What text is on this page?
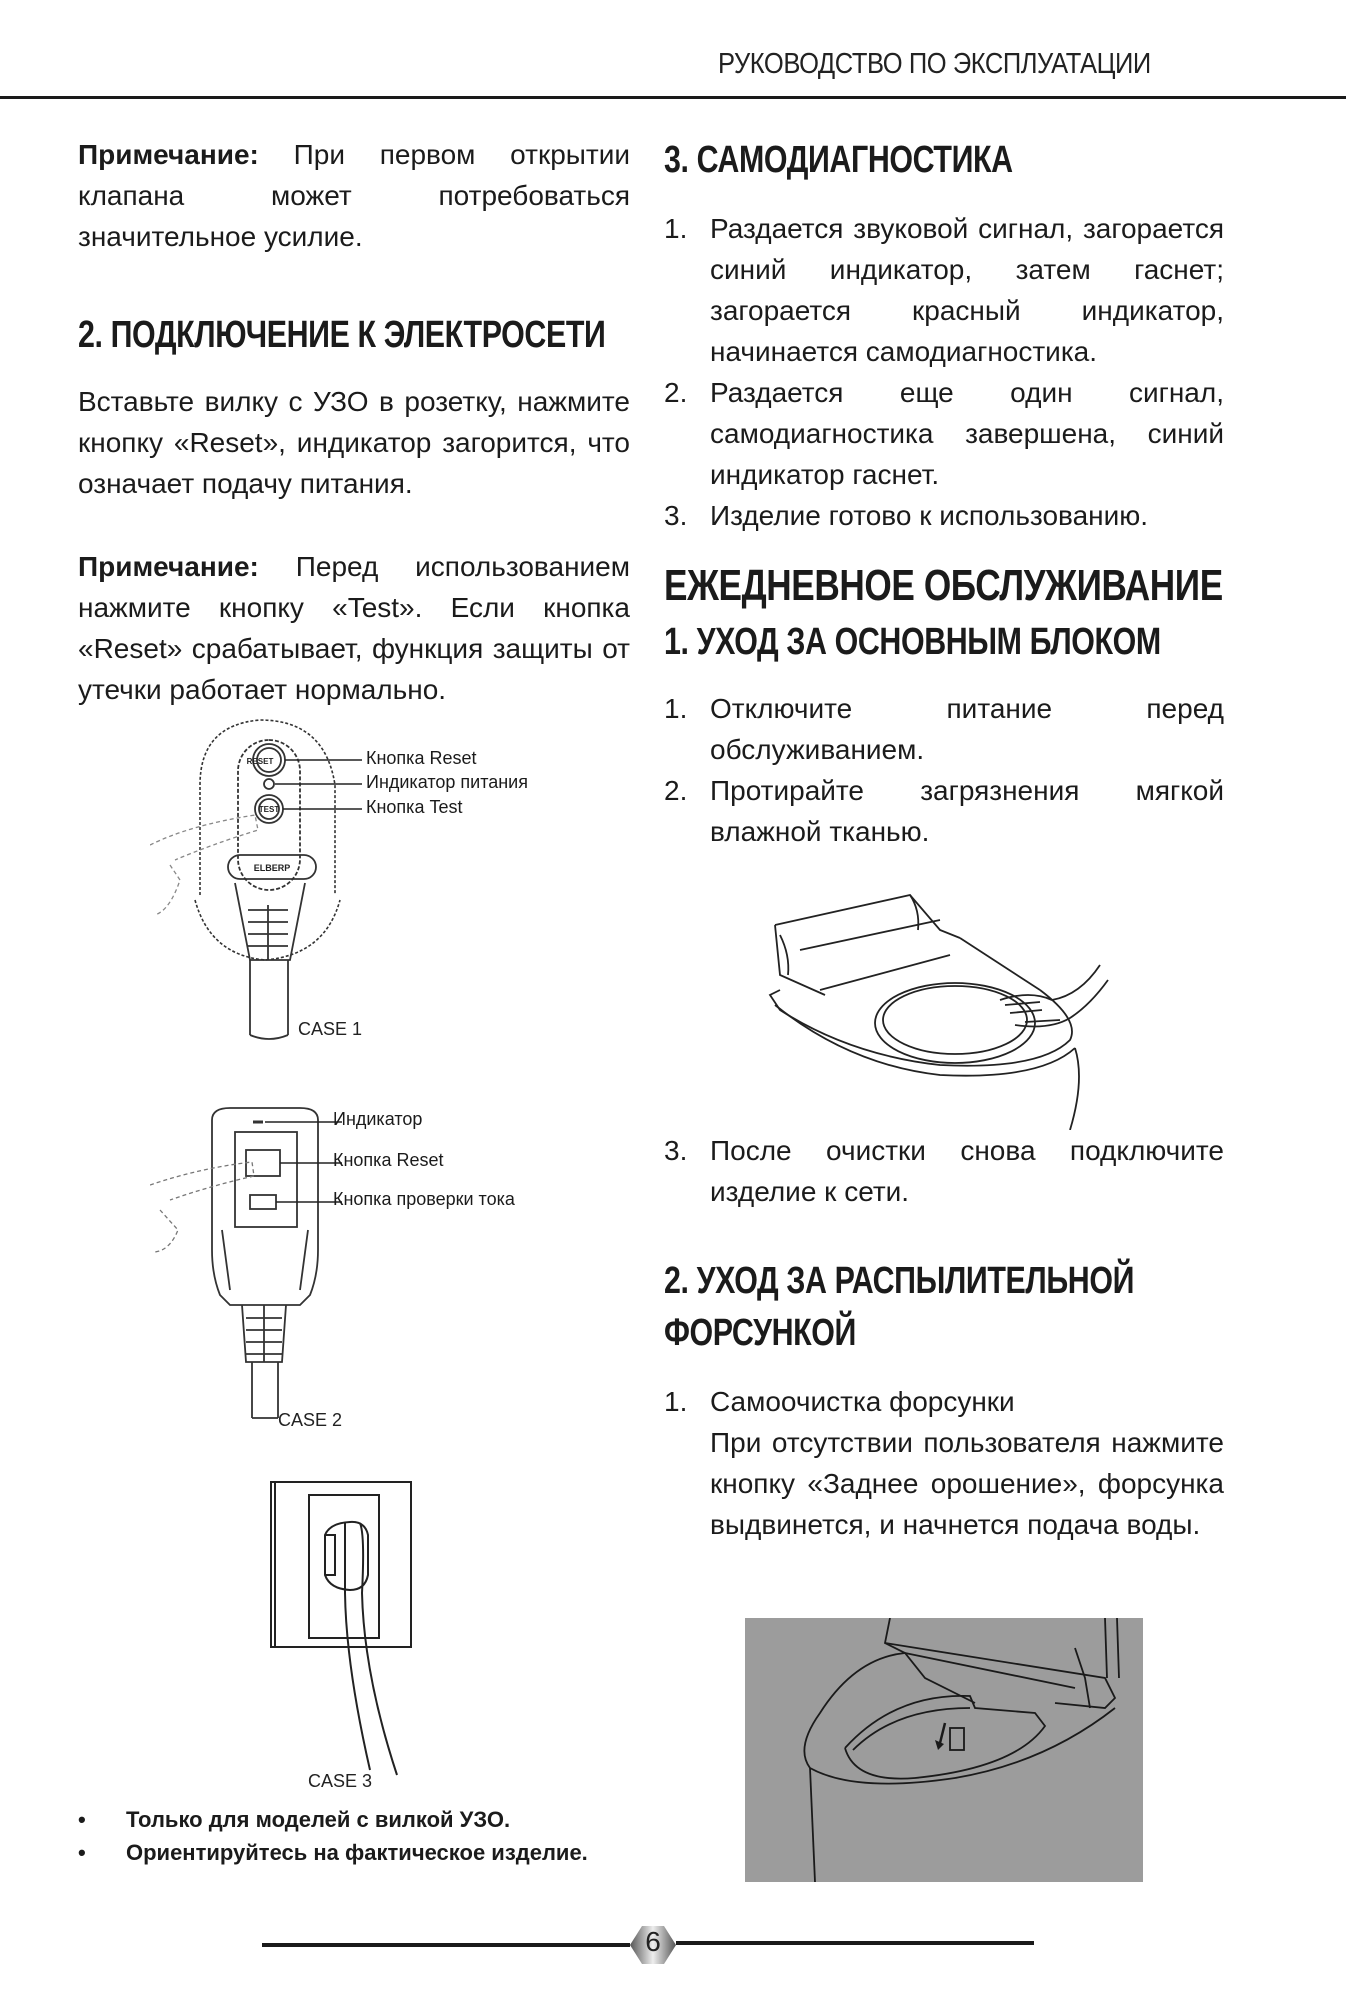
РУКОВОДСТВО ПО ЭКСПЛУАТАЦИИ

Примечание: При первом открытии клапана может потребоваться значительное усилие.

2. ПОДКЛЮЧЕНИЕ К ЭЛЕКТРОСЕТИ

Вставьте вилку с УЗО в розетку, нажмите кнопку «Reset», индикатор загорится, что означает подачу питания.

Примечание: Перед использованием нажмите кнопку «Test». Если кнопка «Reset» срабатывает, функция защиты от утечки работает нормально.

RESET
TEST
ELBERP
Кнопка Reset
Индикатор питания
Кнопка Test
CASE 1
Индикатор
Кнопка Reset
Кнопка проверки тока
CASE 2
CASE 3
• Только для моделей с вилкой УЗО.
• Ориентируйтесь на фактическое изделие.
3. САМОДИАГНОСТИКА
1. Раздается звуковой сигнал, загорается синий индикатор, затем гаснет; загорается красный индикатор, начинается самодиагностика.
2. Раздается еще один сигнал, самодиагностика завершена, синий индикатор гаснет.
3. Изделие готово к использованию.
ЕЖЕДНЕВНОЕ ОБСЛУЖИВАНИЕ
1. УХОД ЗА ОСНОВНЫМ БЛОКОМ
1. Отключите питание перед обслуживанием.
2. Протирайте загрязнения мягкой влажной тканью.
3. После очистки снова подключите изделие к сети.
2. УХОД ЗА РАСПЫЛИТЕЛЬНОЙ
ФОРСУНКОЙ
1. Самоочистка форсунки
При отсутствии пользователя нажмите кнопку «Заднее орошение», форсунка выдвинется, и начнется подача воды.
6
